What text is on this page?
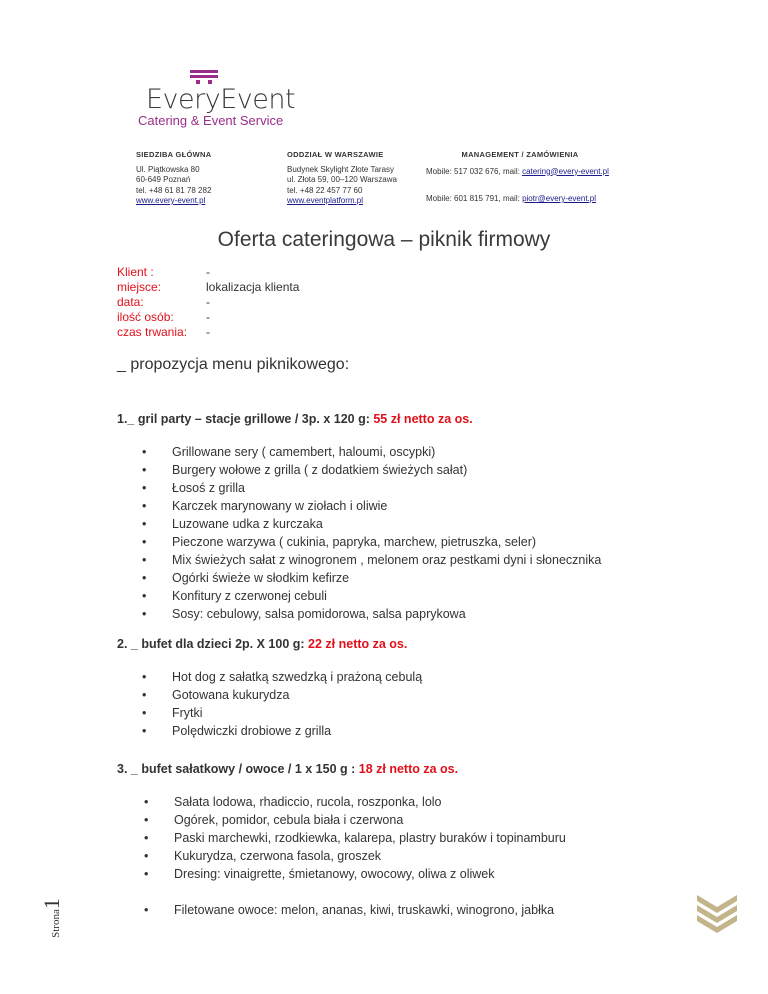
EveryEvent
Catering & Event Service
SIEDZIBA GŁÓWNA
Ul. Piątkowska 80
60-649 Poznań
tel. +48 61 81 78 282
www.every-event.pl
ODDZIAŁ W WARSZAWIE
Budynek Skylight Złote Tarasy
ul. Złota 59, 00–120 Warszawa
tel. +48 22 457 77 60
www.eventplatform.pl
MANAGEMENT / ZAMÓWIENIA
Mobile: 517 032 676, mail: catering@every-event.pl
Mobile: 601 815 791, mail: piotr@every-event.pl
Oferta cateringowa – piknik firmowy
Klient :
miejsce:
data:
ilość osób:
czas trwania:
-
lokalizacja klienta
-
-
-
_ propozycja menu piknikowego:
1._ gril party – stacje grillowe / 3p. x 120 g: 55 zł netto za os.
• Grillowane sery ( camembert, haloumi, oscypki)
• Burgery wołowe z grilla ( z dodatkiem świeżych sałat)
• Łosoś z grilla
• Karczek marynowany w ziołach i oliwie
• Luzowane udka z kurczaka
• Pieczone warzywa ( cukinia, papryka, marchew, pietruszka, seler)
• Mix świeżych sałat z winogronem , melonem oraz pestkami dyni i słonecznika
• Ogórki świeże w słodkim kefirze
• Konfitury z czerwonej cebuli
• Sosy: cebulowy, salsa pomidorowa, salsa paprykowa
2. _ bufet dla dzieci 2p. X 100 g: 22 zł netto za os.
• Hot dog z sałatką szwedzką i prażoną cebulą
• Gotowana kukurydza
• Frytki
• Polędwiczki drobiowe z grilla
3. _ bufet sałatkowy / owoce / 1 x 150 g : 18 zł netto za os.
• Sałata lodowa, rhadiccio, rucola, roszponka, lolo
• Ogórek, pomidor, cebula biała i czerwona
• Paski marchewki, rzodkiewka, kalarepa, plastry buraków i topinamburu
• Kukurydza, czerwona fasola, groszek
• Dresing: vinaigrette, śmietanowy, owocowy, oliwa z oliwek
• Filetowane owoce: melon, ananas, kiwi, truskawki, winogrono, jabłka
Strona1
